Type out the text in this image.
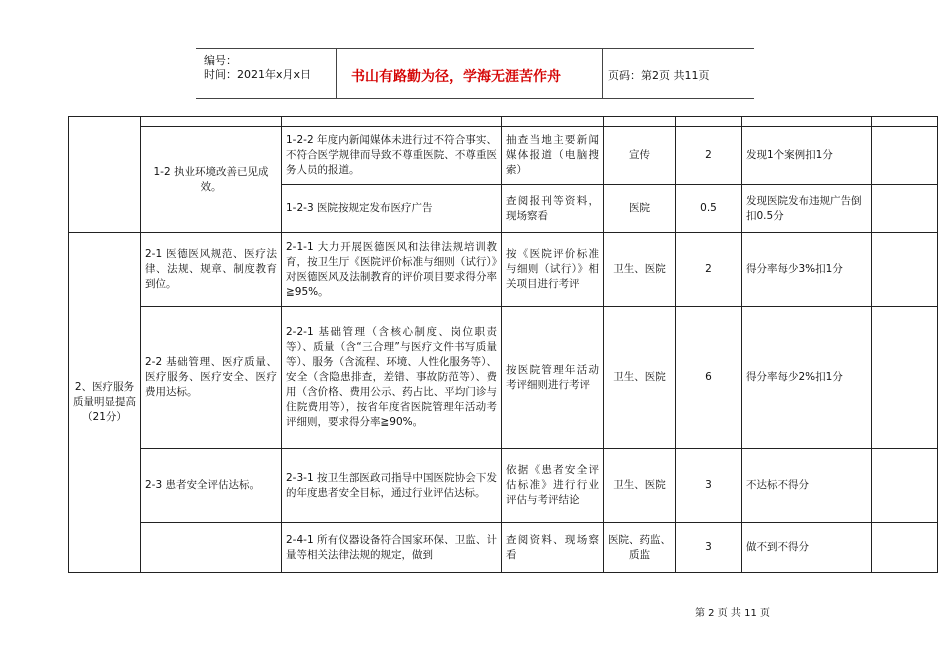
编号：
时间：2021年x月x日	书山有路勤为径，学海无涯苦作舟	页码：第2页 共11页

	1-2 执业环境改善已见成效。	1-2-2 年度内新闻媒体未进行过不符合事实、不符合医学规律而导致不尊重医院、不尊重医务人员的报道。	抽查当地主要新闻媒体报道（电脑搜索）	宣传	2	发现1个案例扣1分	
		1-2-3 医院按规定发布医疗广告	查阅报刊等资料，现场察看	医院	0.5	发现医院发布违规广告倒扣0.5分	
2、医疗服务质量明显提高（21分）	2-1 医德医风规范、医疗法律、法规、规章、制度教育到位。	2-1-1 大力开展医德医风和法律法规培训教育，按卫生厅《医院评价标准与细则（试行）》对医德医风及法制教育的评价项目要求得分率≧95%。	按《医院评价标准与细则（试行）》相关项目进行考评	卫生、医院	2	得分率每少3%扣1分	
	2-2 基础管理、医疗质量、医疗服务、医疗安全、医疗费用达标。	2-2-1 基础管理（含核心制度、岗位职责等）、质量（含“三合理”与医疗文件书写质量等）、服务（含流程、环境、人性化服务等）、安全（含隐患排查，差错、事故防范等）、费用（含价格、费用公示、药占比、平均门诊与住院费用等），按省年度省医院管理年活动考评细则，要求得分率≧90%。	按医院管理年活动考评细则进行考评	卫生、医院	6	得分率每少2%扣1分	
	2-3 患者安全评估达标。	2-3-1 按卫生部医政司指导中国医院协会下发的年度患者安全目标，通过行业评估达标。	依据《患者安全评估标准》进行行业评估与考评结论	卫生、医院	3	不达标不得分	
		2-4-1 所有仪器设备符合国家环保、卫监、计量等相关法律法规的规定，做到	查阅资料、现场察看	医院、药监、质监	3	做不到不得分	
第 2 页 共 11 页
